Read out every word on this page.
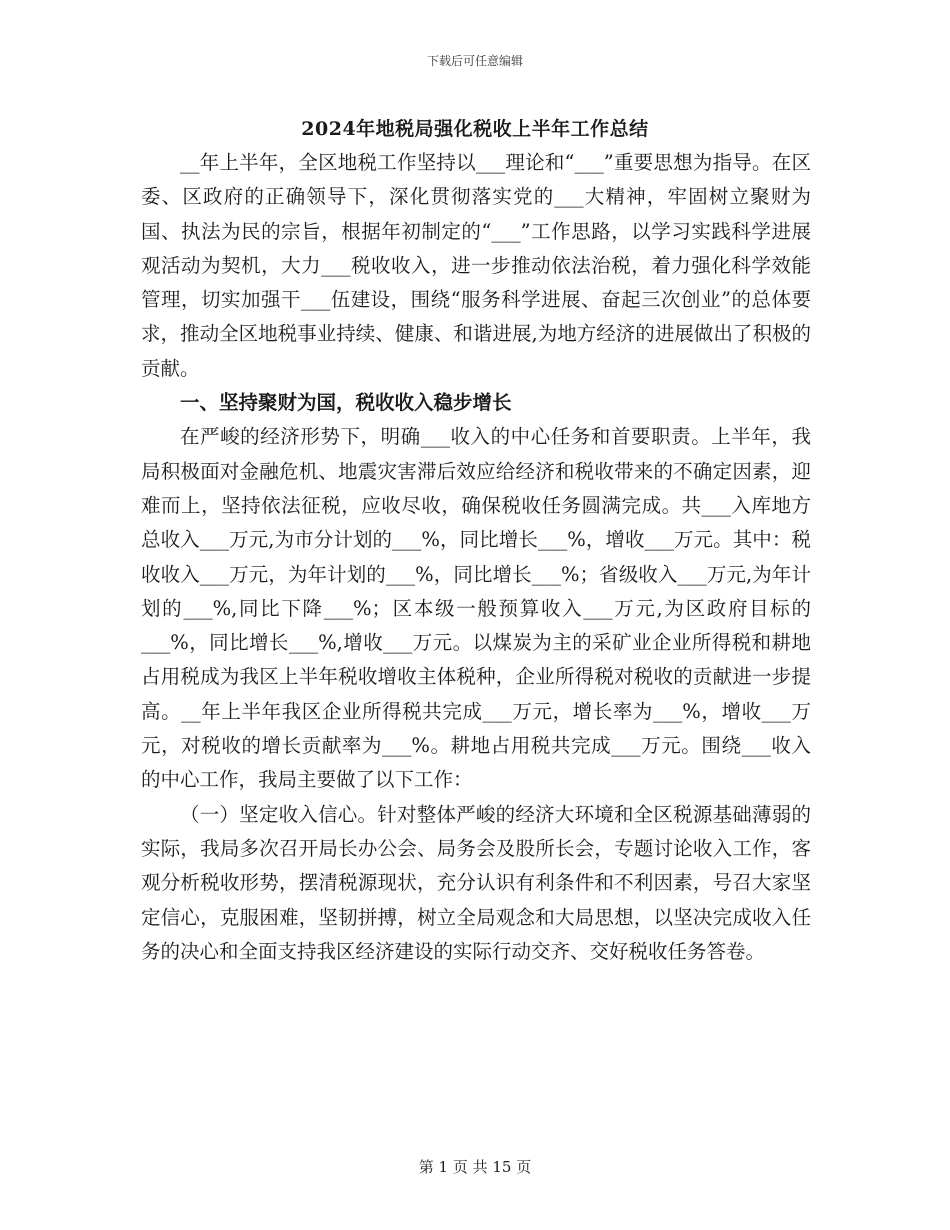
下载后可任意编辑
2024年地税局强化税收上半年工作总结

__年上半年，全区地税工作坚持以___理论和“___”重要思想为指导。在区委、区政府的正确领导下，深化贯彻落实党的___大精神，牢固树立聚财为国、执法为民的宗旨，根据年初制定的“___”工作思路，以学习实践科学进展观活动为契机，大力___税收收入，进一步推动依法治税，着力强化科学效能管理，切实加强干___伍建设，围绕“服务科学进展、奋起三次创业”的总体要求，推动全区地税事业持续、健康、和谐进展,为地方经济的进展做出了积极的贡献。

一、坚持聚财为国，税收收入稳步增长

在严峻的经济形势下，明确___收入的中心任务和首要职责。上半年，我局积极面对金融危机、地震灾害滞后效应给经济和税收带来的不确定因素，迎难而上，坚持依法征税，应收尽收，确保税收任务圆满完成。共___入库地方总收入___万元,为市分计划的___%，同比增长___%，增收___万元。其中：税收收入___万元，为年计划的___%，同比增长___%；省级收入___万元,为年计划的___%,同比下降___%；区本级一般预算收入___万元,为区政府目标的___%，同比增长___%,增收___万元。以煤炭为主的采矿业企业所得税和耕地占用税成为我区上半年税收增收主体税种，企业所得税对税收的贡献进一步提高。__年上半年我区企业所得税共完成___万元，增长率为___%，增收___万元，对税收的增长贡献率为___%。耕地占用税共完成___万元。围绕___收入的中心工作，我局主要做了以下工作：

（一）坚定收入信心。针对整体严峻的经济大环境和全区税源基础薄弱的实际，我局多次召开局长办公会、局务会及股所长会，专题讨论收入工作，客观分析税收形势，摆清税源现状，充分认识有利条件和不利因素，号召大家坚定信心，克服困难，坚韧拼搏，树立全局观念和大局思想，以坚决完成收入任务的决心和全面支持我区经济建设的实际行动交齐、交好税收任务答卷。

第 1 页 共 15 页
